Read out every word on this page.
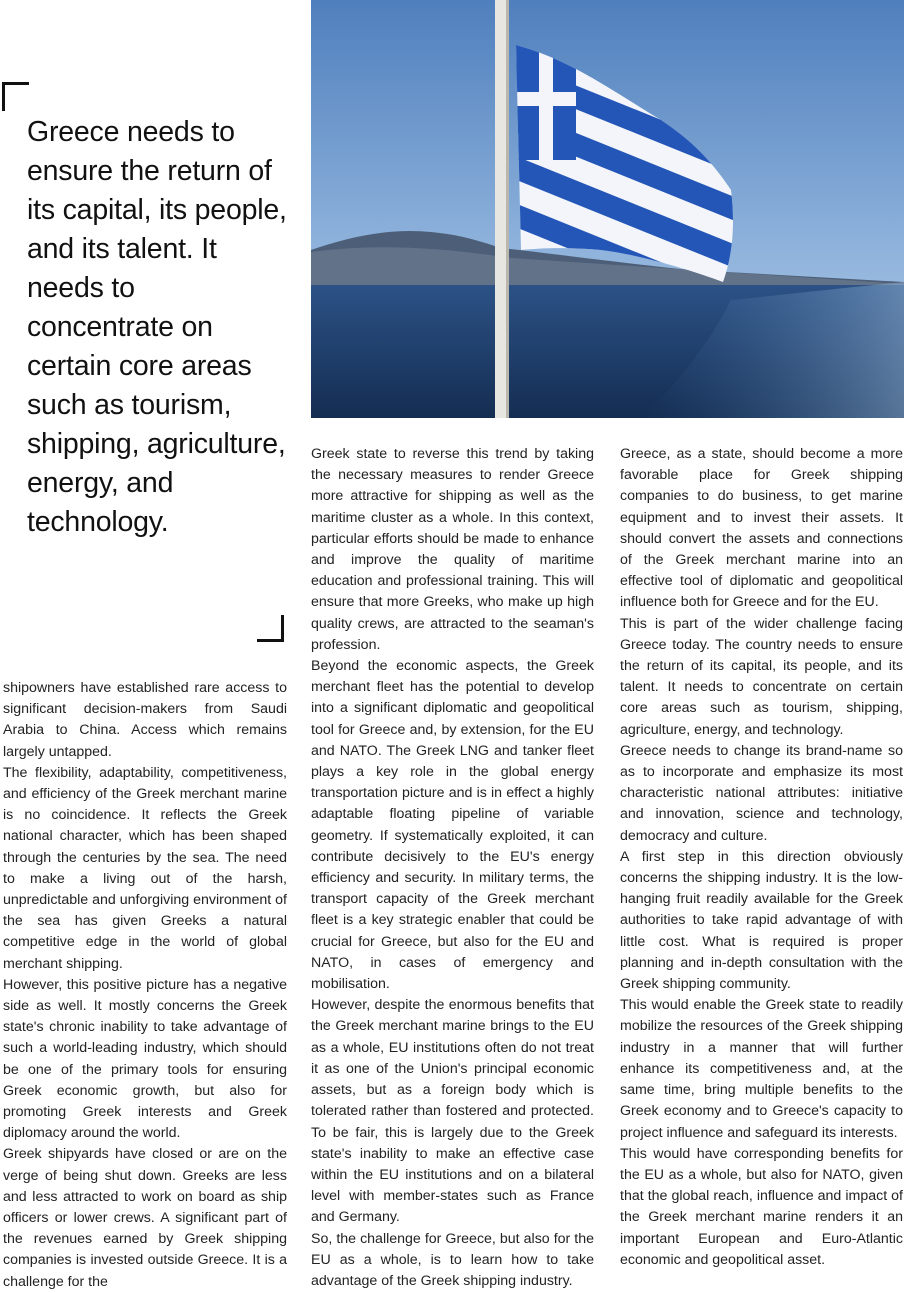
Greece needs to ensure the return of its capital, its people, and its talent. It needs to concentrate on certain core areas such as tourism, shipping, agriculture, energy, and technology.

shipowners have established rare access to significant decision-makers from Saudi Arabia to China. Access which remains largely untapped.

The flexibility, adaptability, competitiveness, and efficiency of the Greek merchant marine is no coincidence. It reflects the Greek national character, which has been shaped through the centuries by the sea. The need to make a living out of the harsh, unpredictable and unforgiving environment of the sea has given Greeks a natural competitive edge in the world of global merchant shipping.

However, this positive picture has a negative side as well. It mostly concerns the Greek state's chronic inability to take advantage of such a world-leading industry, which should be one of the primary tools for ensuring Greek economic growth, but also for promoting Greek interests and Greek diplomacy around the world.

Greek shipyards have closed or are on the verge of being shut down. Greeks are less and less attracted to work on board as ship officers or lower crews. A significant part of the revenues earned by Greek shipping companies is invested outside Greece. It is a challenge for the

Greek state to reverse this trend by taking the necessary measures to render Greece more attractive for shipping as well as the maritime cluster as a whole. In this context, particular efforts should be made to enhance and improve the quality of maritime education and professional training. This will ensure that more Greeks, who make up high quality crews, are attracted to the seaman's profession.

Beyond the economic aspects, the Greek merchant fleet has the potential to develop into a significant diplomatic and geopolitical tool for Greece and, by extension, for the EU and NATO. The Greek LNG and tanker fleet plays a key role in the global energy transportation picture and is in effect a highly adaptable floating pipeline of variable geometry. If systematically exploited, it can contribute decisively to the EU's energy efficiency and security. In military terms, the transport capacity of the Greek merchant fleet is a key strategic enabler that could be crucial for Greece, but also for the EU and NATO, in cases of emergency and mobilisation.

However, despite the enormous benefits that the Greek merchant marine brings to the EU as a whole, EU institutions often do not treat it as one of the Union's principal economic assets, but as a foreign body which is tolerated rather than fostered and protected. To be fair, this is largely due to the Greek state's inability to make an effective case within the EU institutions and on a bilateral level with member-states such as France and Germany.

So, the challenge for Greece, but also for the EU as a whole, is to learn how to take advantage of the Greek shipping industry.

Greece, as a state, should become a more favorable place for Greek shipping companies to do business, to get marine equipment and to invest their assets. It should convert the assets and connections of the Greek merchant marine into an effective tool of diplomatic and geopolitical influence both for Greece and for the EU.

This is part of the wider challenge facing Greece today. The country needs to ensure the return of its capital, its people, and its talent. It needs to concentrate on certain core areas such as tourism, shipping, agriculture, energy, and technology.

Greece needs to change its brand-name so as to incorporate and emphasize its most characteristic national attributes: initiative and innovation, science and technology, democracy and culture.

A first step in this direction obviously concerns the shipping industry. It is the low-hanging fruit readily available for the Greek authorities to take rapid advantage of with little cost. What is required is proper planning and in-depth consultation with the Greek shipping community.

This would enable the Greek state to readily mobilize the resources of the Greek shipping industry in a manner that will further enhance its competitiveness and, at the same time, bring multiple benefits to the Greek economy and to Greece's capacity to project influence and safeguard its interests.

This would have corresponding benefits for the EU as a whole, but also for NATO, given that the global reach, influence and impact of the Greek merchant marine renders it an important European and Euro-Atlantic economic and geopolitical asset.
